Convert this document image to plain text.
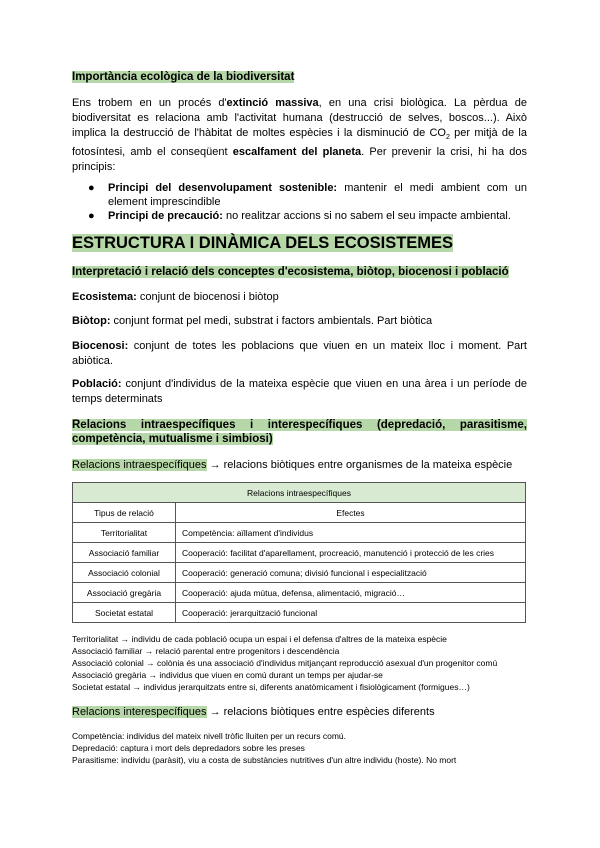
Importància ecològica de la biodiversitat
Ens trobem en un procés d'extinció massiva, en una crisi biològica. La pèrdua de biodiversitat es relaciona amb l'activitat humana (destrucció de selves, boscos...). Això implica la destrucció de l'hàbitat de moltes espècies i la disminució de $CO_2$ per mitjà de la fotosíntesi, amb el conseqüent escalfament del planeta. Per prevenir la crisi, hi ha dos principis:
●	Principi del desenvolupament sostenible: mantenir el medi ambient com un element imprescindible
●	Principi de precaució: no realitzar accions si no sabem el seu impacte ambiental.
ESTRUCTURA I DINÀMICA DELS ECOSISTEMES
Interpretació i relació dels conceptes d'ecosistema, biòtop, biocenosi i població
Ecosistema: conjunt de biocenosi i biòtop
Biòtop: conjunt format pel medi, substrat i factors ambientals. Part biòtica
Biocenosi: conjunt de totes les poblacions que viuen en un mateix lloc i moment. Part abiòtica.
Població: conjunt d'individus de la mateixa espècie que viuen en una àrea i un període de temps determinats
Relacions intraespecífiques i interespecífiques (depredació, parasitisme,
competència, mutualisme i simbiosi)
Relacions intraespecífiques → relacions biòtiques entre organismes de la mateixa espècie
Relacions intraespecífiques	
Tipus de relació	Efectes
Territorialitat	Competència: aïllament d'individus
Associació familiar	Cooperació: facilitat d'aparellament, procreació, manutenció i protecció de les cries
Associació colonial	Cooperació: generació comuna; divisió funcional i especialització
Associació gregària	Cooperació: ajuda mútua, defensa, alimentació, migració…
Societat estatal	Cooperació: jerarquització funcional
Territorialitat → individu de cada població ocupa un espai i el defensa d'altres de la mateixa espècie
Associació familiar → relació parental entre progenitors i descendència
Associació colonial → colònia és una associació d'individus mitjançant reproducció asexual d'un progenitor comú
Associació gregària → individus que viuen en comú durant un temps per ajudar-se
Societat estatal → individus jerarquitzats entre si, diferents anatòmicament i fisiològicament (formigues…)
Relacions interespecífiques → relacions biòtiques entre espècies diferents
Competència: individus del mateix nivell tròfic lluiten per un recurs comú.
Depredació: captura i mort dels depredadors sobre les preses
Parasitisme: individu (paràsit), viu a costa de substàncies nutritives d'un altre individu (hoste). No mort
